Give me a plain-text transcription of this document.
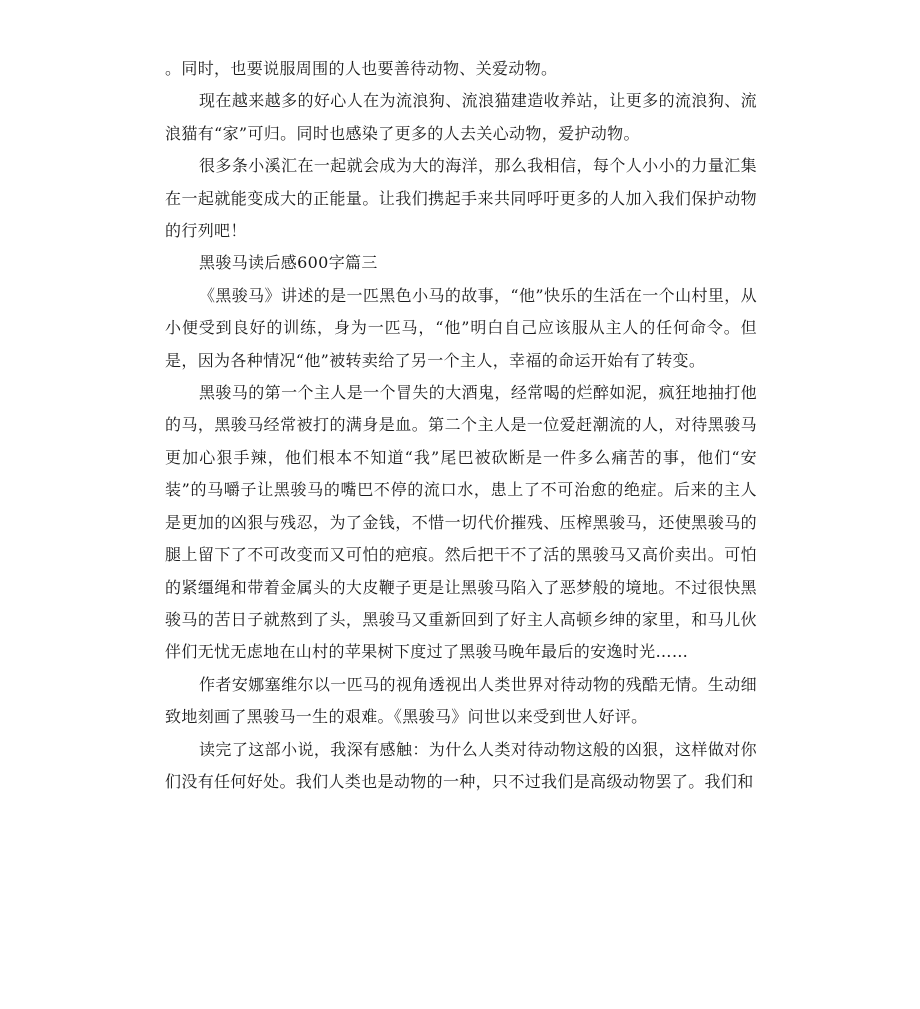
。同时，也要说服周围的人也要善待动物、关爱动物。

现在越来越多的好心人在为流浪狗、流浪猫建造收养站，让更多的流浪狗、流浪猫有“家”可归。同时也感染了更多的人去关心动物，爱护动物。

很多条小溪汇在一起就会成为大的海洋，那么我相信，每个人小小的力量汇集在一起就能变成大的正能量。让我们携起手来共同呼吁更多的人加入我们保护动物的行列吧！

黑骏马读后感600字篇三

《黑骏马》讲述的是一匹黑色小马的故事，“他”快乐的生活在一个山村里，从小便受到良好的训练，身为一匹马，“他”明白自己应该服从主人的任何命令。但是，因为各种情况“他”被转卖给了另一个主人，幸福的命运开始有了转变。

黑骏马的第一个主人是一个冒失的大酒鬼，经常喝的烂醉如泥，疯狂地抽打他的马，黑骏马经常被打的满身是血。第二个主人是一位爱赶潮流的人，对待黑骏马更加心狠手辣，他们根本不知道“我”尾巴被砍断是一件多么痛苦的事，他们“安装”的马嚼子让黑骏马的嘴巴不停的流口水，患上了不可治愈的绝症。后来的主人是更加的凶狠与残忍，为了金钱，不惜一切代价摧残、压榨黑骏马，还使黑骏马的腿上留下了不可改变而又可怕的疤痕。然后把干不了活的黑骏马又高价卖出。可怕的紧缰绳和带着金属头的大皮鞭子更是让黑骏马陷入了恶梦般的境地。不过很快黑骏马的苦日子就熬到了头，黑骏马又重新回到了好主人高顿乡绅的家里，和马儿伙伴们无忧无虑地在山村的苹果树下度过了黑骏马晚年最后的安逸时光……

作者安娜塞维尔以一匹马的视角透视出人类世界对待动物的残酷无情。生动细致地刻画了黑骏马一生的艰难。《黑骏马》问世以来受到世人好评。

读完了这部小说，我深有感触：为什么人类对待动物这般的凶狠，这样做对你们没有任何好处。我们人类也是动物的一种，只不过我们是高级动物罢了。我们和
